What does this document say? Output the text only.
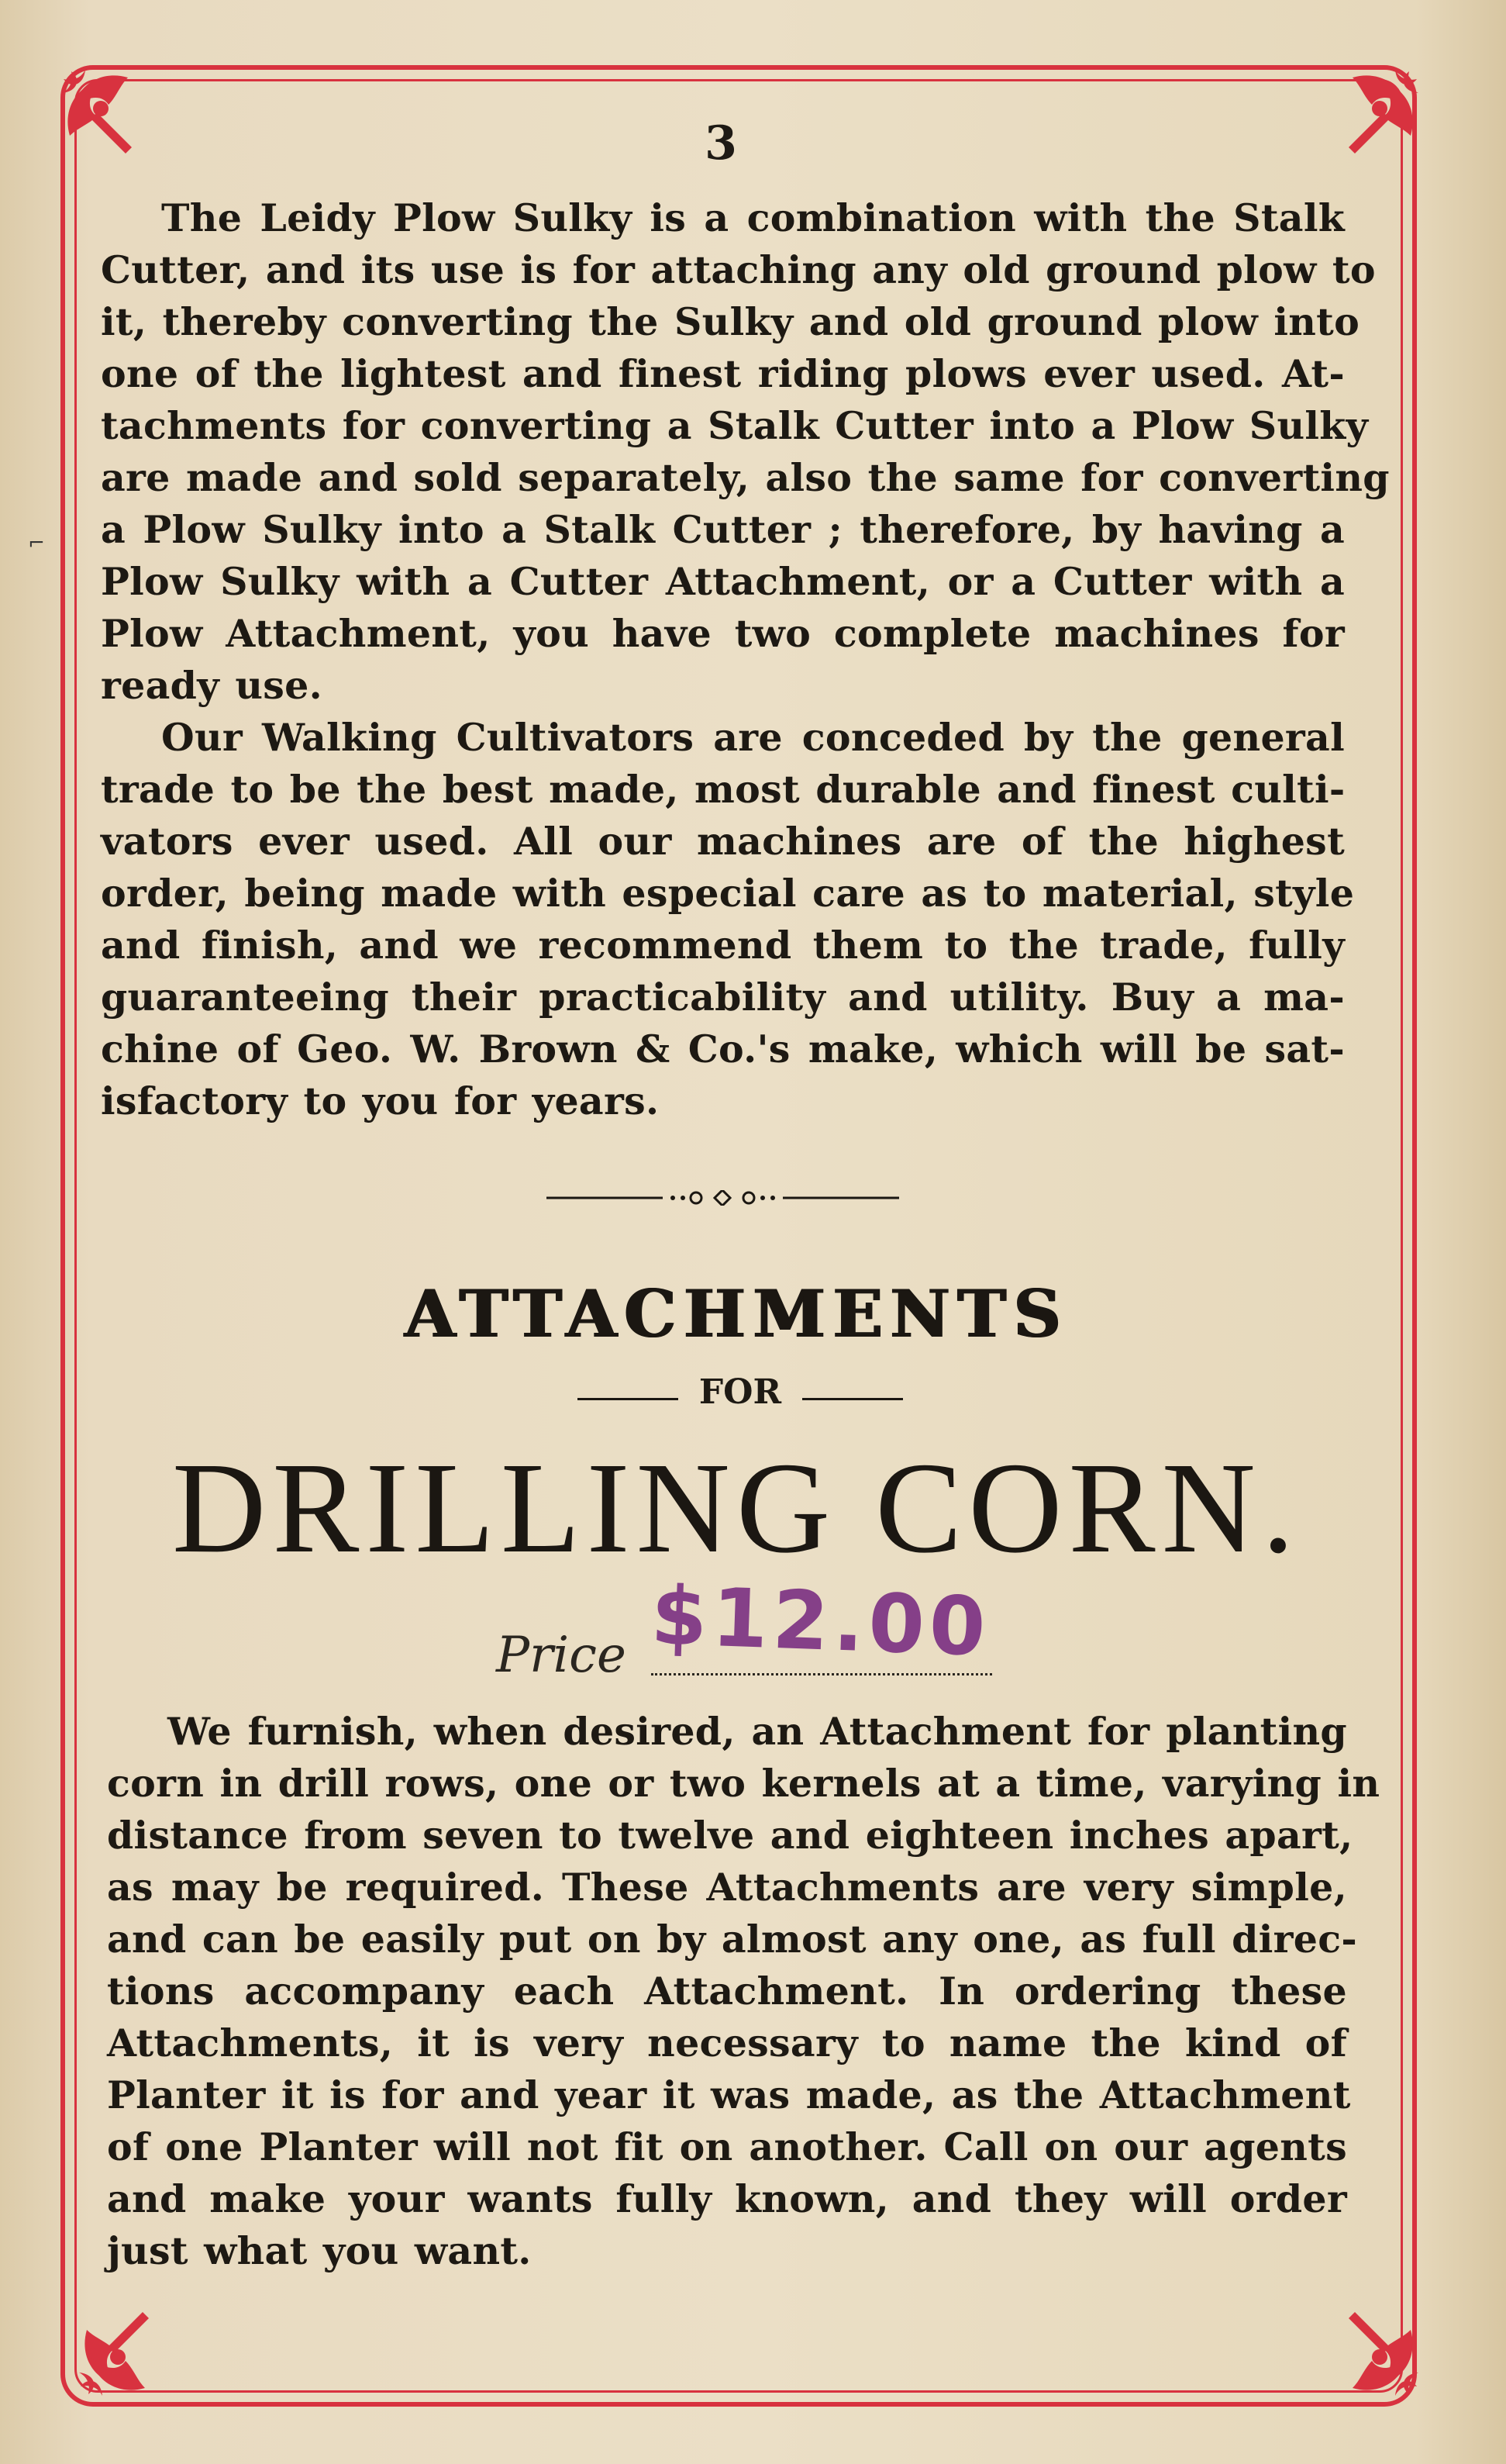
3
The Leidy Plow Sulky is a combination with the Stalk
Cutter, and its use is for attaching any old ground plow to
it, thereby converting the Sulky and old ground plow into
one of the lightest and finest riding plows ever used. At-
tachments for converting a Stalk Cutter into a Plow Sulky
are made and sold separately, also the same for converting
a Plow Sulky into a Stalk Cutter ; therefore, by having a
Plow Sulky with a Cutter Attachment, or a Cutter with a
Plow Attachment, you have two complete machines for
ready use.
Our Walking Cultivators are conceded by the general
trade to be the best made, most durable and finest culti-
vators ever used. All our machines are of the highest
order, being made with especial care as to material, style
and finish, and we recommend them to the trade, fully
guaranteeing their practicability and utility. Buy a ma-
chine of Geo. W. Brown & Co.'s make, which will be sat-
isfactory to you for years.
ATTACHMENTS
FOR
DRILLING CORN.
Price $12.00
We furnish, when desired, an Attachment for planting
corn in drill rows, one or two kernels at a time, varying in
distance from seven to twelve and eighteen inches apart,
as may be required. These Attachments are very simple,
and can be easily put on by almost any one, as full direc-
tions accompany each Attachment. In ordering these
Attachments, it is very necessary to name the kind of
Planter it is for and year it was made, as the Attachment
of one Planter will not fit on another. Call on our agents
and make your wants fully known, and they will order
just what you want.
⌐
